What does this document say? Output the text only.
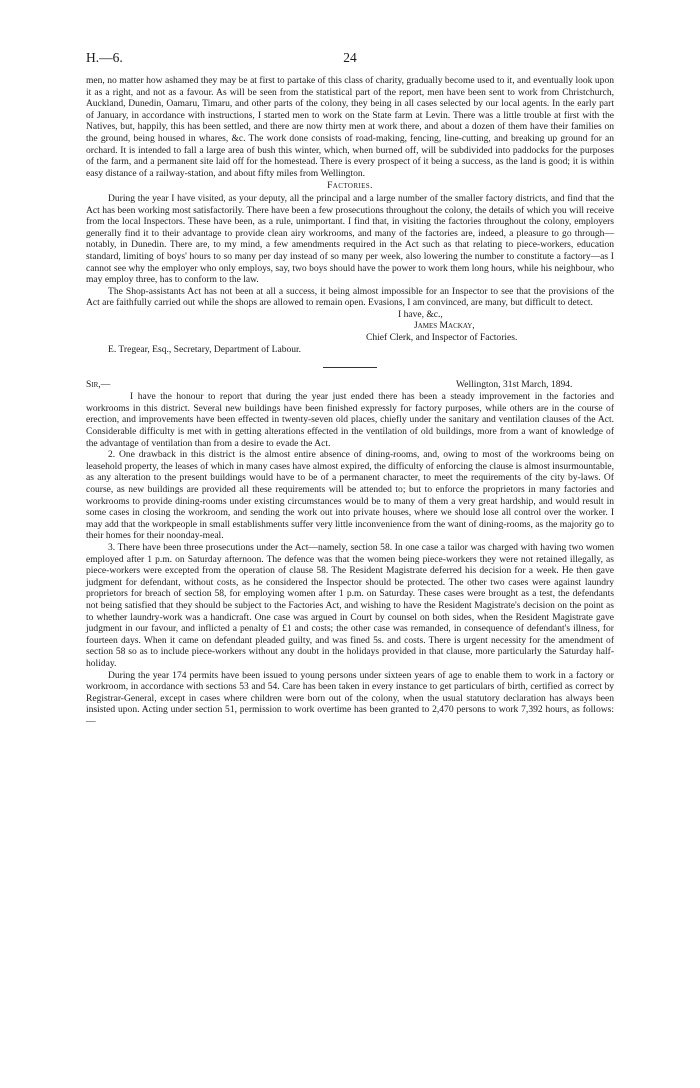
H.—6.	24

men, no matter how ashamed they may be at first to partake of this class of charity, gradually become used to it, and eventually look upon it as a right, and not as a favour. As will be seen from the statistical part of the report, men have been sent to work from Christchurch, Auckland, Dunedin, Oamaru, Timaru, and other parts of the colony, they being in all cases selected by our local agents. In the early part of January, in accordance with instructions, I started men to work on the State farm at Levin. There was a little trouble at first with the Natives, but, happily, this has been settled, and there are now thirty men at work there, and about a dozen of them have their families on the ground, being housed in whares, &c. The work done consists of road-making, fencing, line-cutting, and breaking up ground for an orchard. It is intended to fall a large area of bush this winter, which, when burned off, will be subdivided into paddocks for the purposes of the farm, and a permanent site laid off for the homestead. There is every prospect of it being a success, as the land is good; it is within easy distance of a railway-station, and about fifty miles from Wellington.

Factories.

During the year I have visited, as your deputy, all the principal and a large number of the smaller factory districts, and find that the Act has been working most satisfactorily. There have been a few prosecutions throughout the colony, the details of which you will receive from the local Inspectors. These have been, as a rule, unimportant. I find that, in visiting the factories throughout the colony, employers generally find it to their advantage to provide clean airy workrooms, and many of the factories are, indeed, a pleasure to go through—notably, in Dunedin. There are, to my mind, a few amendments required in the Act such as that relating to piece-workers, education standard, limiting of boys' hours to so many per day instead of so many per week, also lowering the number to constitute a factory—as I cannot see why the employer who only employs, say, two boys should have the power to work them long hours, while his neighbour, who may employ three, has to conform to the law.

The Shop-assistants Act has not been at all a success, it being almost impossible for an Inspector to see that the provisions of the Act are faithfully carried out while the shops are allowed to remain open. Evasions, I am convinced, are many, but difficult to detect.

I have, &c.,
James Mackay,
Chief Clerk, and Inspector of Factories.
E. Tregear, Esq., Secretary, Department of Labour.
Sir,—	Wellington, 31st March, 1894.

I have the honour to report that during the year just ended there has been a steady improvement in the factories and workrooms in this district. Several new buildings have been finished expressly for factory purposes, while others are in the course of erection, and improvements have been effected in twenty-seven old places, chiefly under the sanitary and ventilation clauses of the Act. Considerable difficulty is met with in getting alterations effected in the ventilation of old buildings, more from a want of knowledge of the advantage of ventilation than from a desire to evade the Act.

2. One drawback in this district is the almost entire absence of dining-rooms, and, owing to most of the workrooms being on leasehold property, the leases of which in many cases have almost expired, the difficulty of enforcing the clause is almost insurmountable, as any alteration to the present buildings would have to be of a permanent character, to meet the requirements of the city by-laws. Of course, as new buildings are provided all these requirements will be attended to; but to enforce the proprietors in many factories and workrooms to provide dining-rooms under existing circumstances would be to many of them a very great hardship, and would result in some cases in closing the workroom, and sending the work out into private houses, where we should lose all control over the worker. I may add that the workpeople in small establishments suffer very little inconvenience from the want of dining-rooms, as the majority go to their homes for their noonday-meal.

3. There have been three prosecutions under the Act—namely, section 58. In one case a tailor was charged with having two women employed after 1 p.m. on Saturday afternoon. The defence was that the women being piece-workers they were not retained illegally, as piece-workers were excepted from the operation of clause 58. The Resident Magistrate deferred his decision for a week. He then gave judgment for defendant, without costs, as he considered the Inspector should be protected. The other two cases were against laundry proprietors for breach of section 58, for employing women after 1 p.m. on Saturday. These cases were brought as a test, the defendants not being satisfied that they should be subject to the Factories Act, and wishing to have the Resident Magistrate's decision on the point as to whether laundry-work was a handicraft. One case was argued in Court by counsel on both sides, when the Resident Magistrate gave judgment in our favour, and inflicted a penalty of £1 and costs; the other case was remanded, in consequence of defendant's illness, for fourteen days. When it came on defendant pleaded guilty, and was fined 5s. and costs. There is urgent necessity for the amendment of section 58 so as to include piece-workers without any doubt in the holidays provided in that clause, more particularly the Saturday half-holiday.

During the year 174 permits have been issued to young persons under sixteen years of age to enable them to work in a factory or workroom, in accordance with sections 53 and 54. Care has been taken in every instance to get particulars of birth, certified as correct by Registrar-General, except in cases where children were born out of the colony, when the usual statutory declaration has always been insisted upon. Acting under section 51, permission to work overtime has been granted to 2,470 persons to work 7,392 hours, as follows:—
